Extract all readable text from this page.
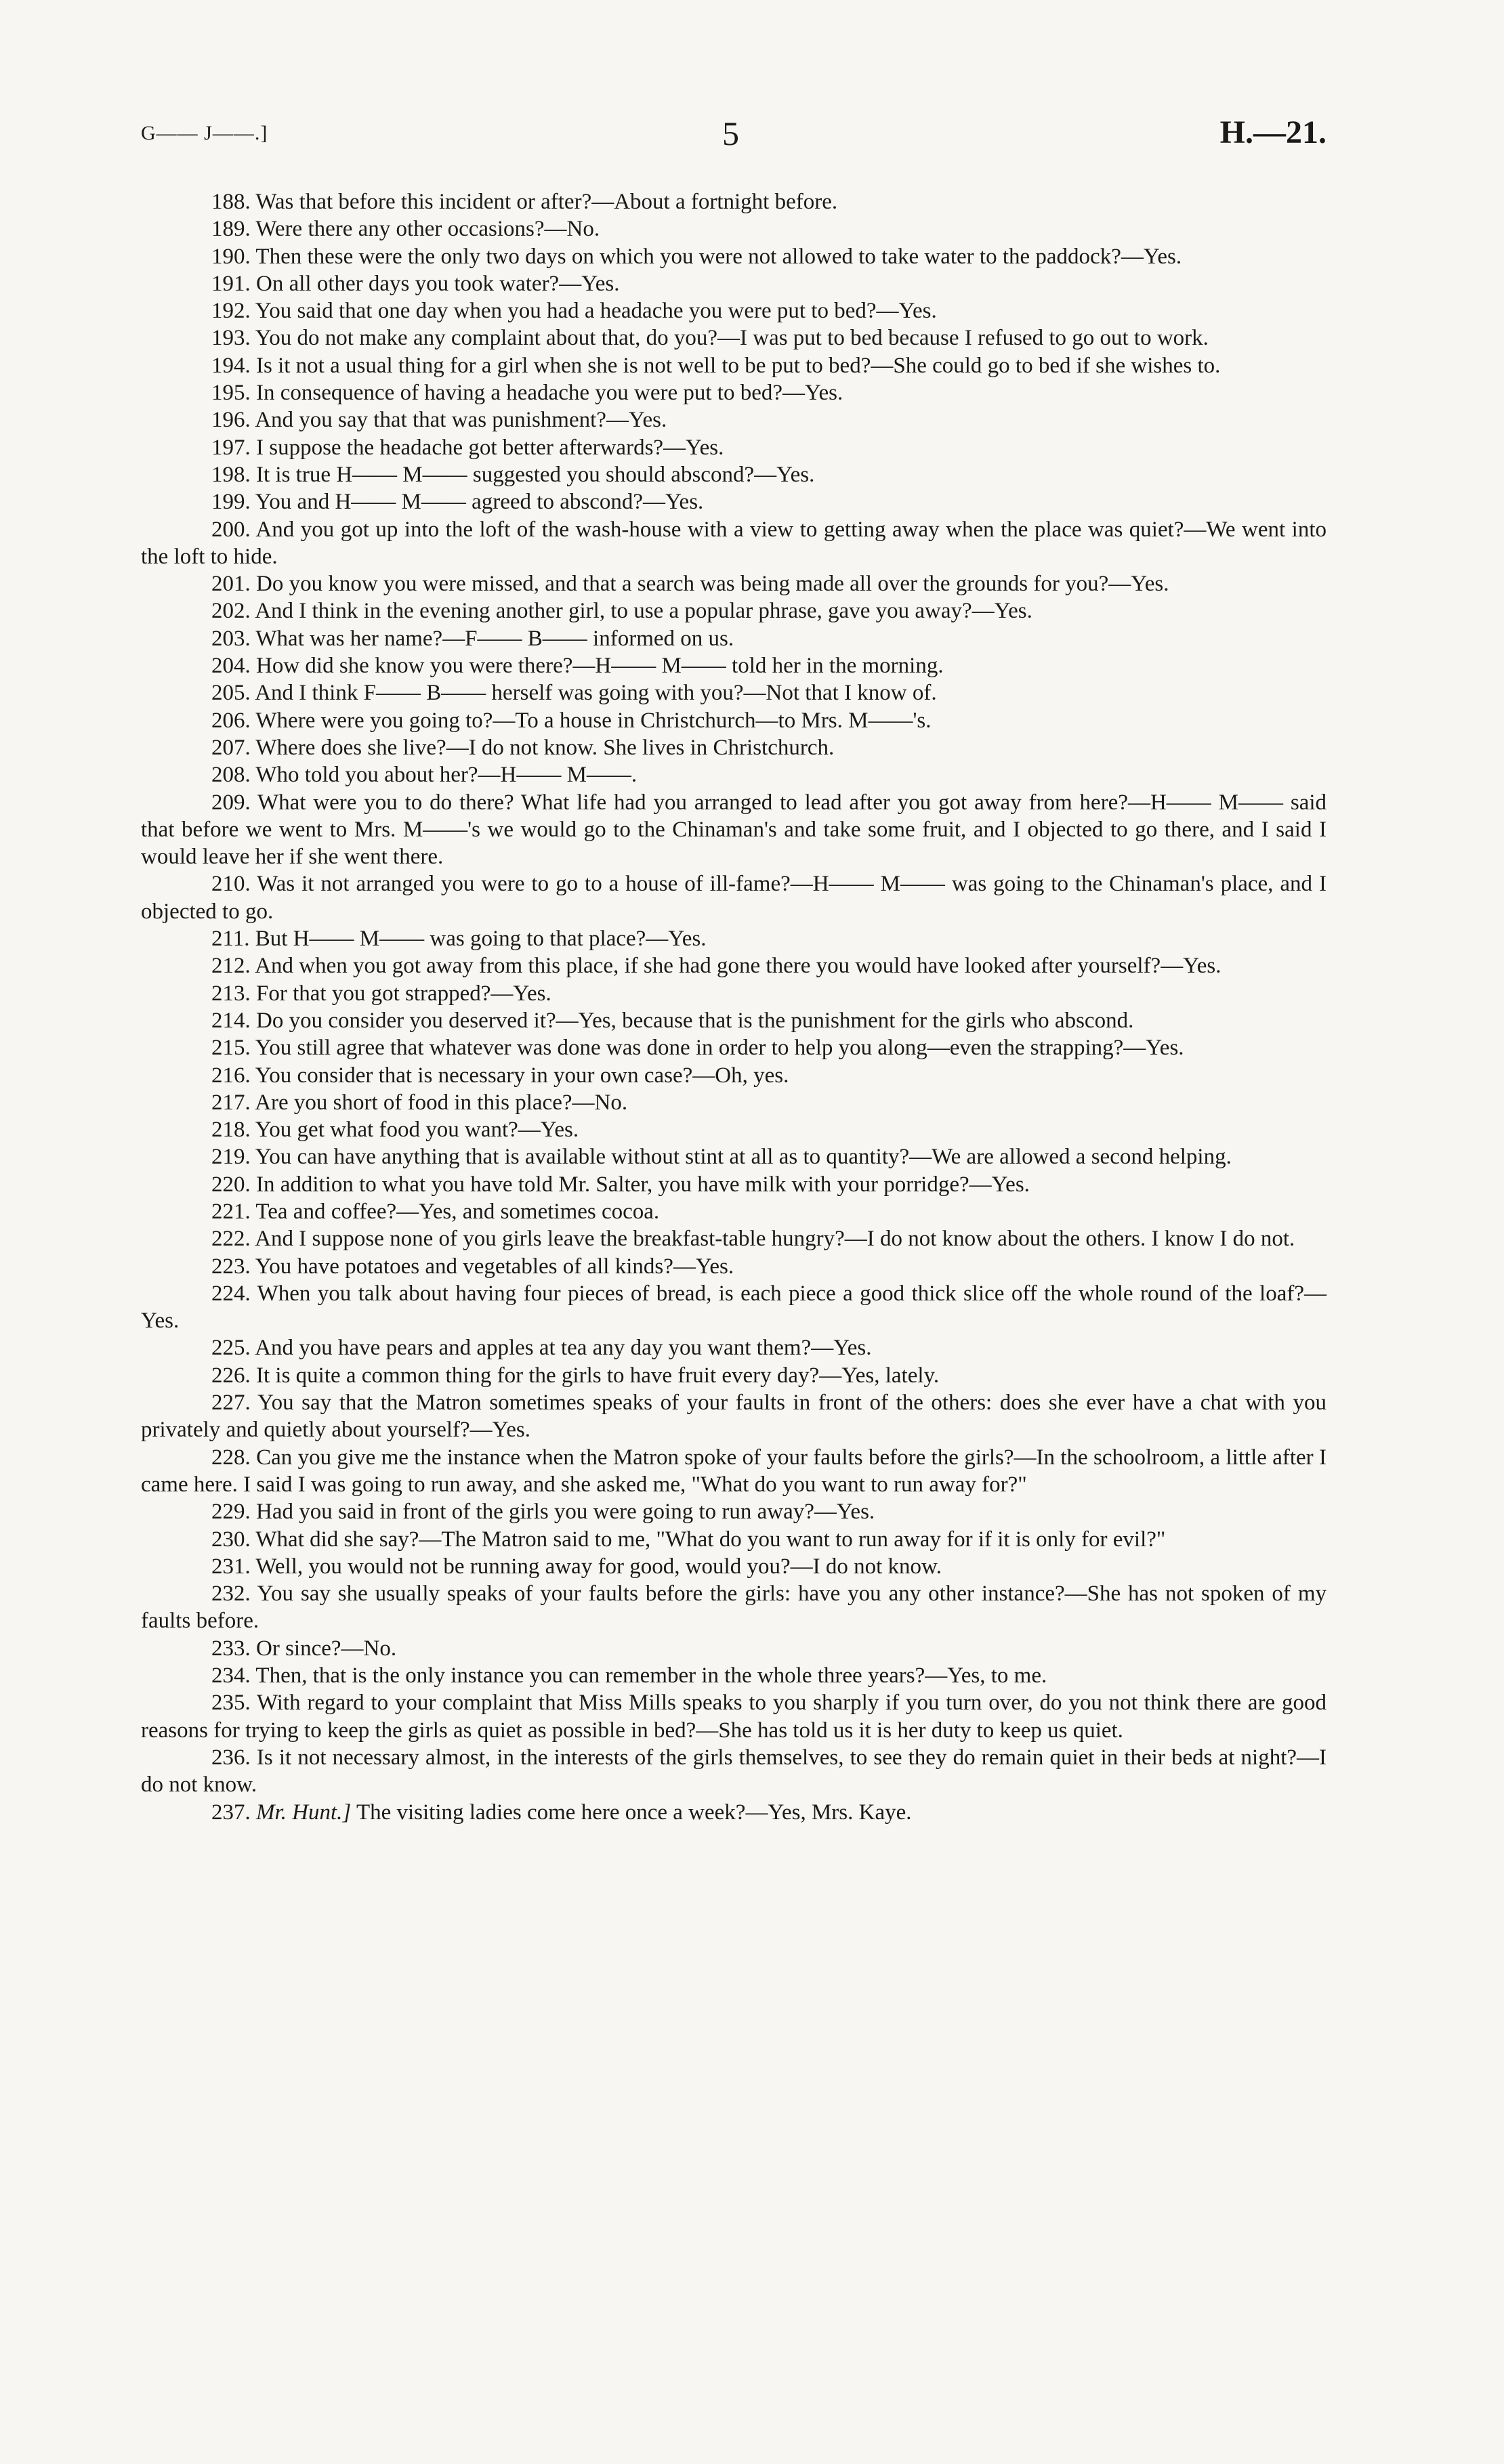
G—— J——.]	5	H.—21.

188. Was that before this incident or after?—About a fortnight before.

189. Were there any other occasions?—No.

190. Then these were the only two days on which you were not allowed to take water to the paddock?—Yes.

191. On all other days you took water?—Yes.

192. You said that one day when you had a headache you were put to bed?—Yes.

193. You do not make any complaint about that, do you?—I was put to bed because I refused to go out to work.

194. Is it not a usual thing for a girl when she is not well to be put to bed?—She could go to bed if she wishes to.

195. In consequence of having a headache you were put to bed?—Yes.

196. And you say that that was punishment?—Yes.

197. I suppose the headache got better afterwards?—Yes.

198. It is true H—— M—— suggested you should abscond?—Yes.

199. You and H—— M—— agreed to abscond?—Yes.

200. And you got up into the loft of the wash-house with a view to getting away when the place was quiet?—We went into the loft to hide.

201. Do you know you were missed, and that a search was being made all over the grounds for you?—Yes.

202. And I think in the evening another girl, to use a popular phrase, gave you away?—Yes.

203. What was her name?—F—— B—— informed on us.

204. How did she know you were there?—H—— M—— told her in the morning.

205. And I think F—— B—— herself was going with you?—Not that I know of.

206. Where were you going to?—To a house in Christchurch—to Mrs. M——'s.

207. Where does she live?—I do not know. She lives in Christchurch.

208. Who told you about her?—H—— M——.

209. What were you to do there? What life had you arranged to lead after you got away from here?—H—— M—— said that before we went to Mrs. M——'s we would go to the Chinaman's and take some fruit, and I objected to go there, and I said I would leave her if she went there.

210. Was it not arranged you were to go to a house of ill-fame?—H—— M—— was going to the Chinaman's place, and I objected to go.

211. But H—— M—— was going to that place?—Yes.

212. And when you got away from this place, if she had gone there you would have looked after yourself?—Yes.

213. For that you got strapped?—Yes.

214. Do you consider you deserved it?—Yes, because that is the punishment for the girls who abscond.

215. You still agree that whatever was done was done in order to help you along—even the strapping?—Yes.

216. You consider that is necessary in your own case?—Oh, yes.

217. Are you short of food in this place?—No.

218. You get what food you want?—Yes.

219. You can have anything that is available without stint at all as to quantity?—We are allowed a second helping.

220. In addition to what you have told Mr. Salter, you have milk with your porridge?—Yes.

221. Tea and coffee?—Yes, and sometimes cocoa.

222. And I suppose none of you girls leave the breakfast-table hungry?—I do not know about the others. I know I do not.

223. You have potatoes and vegetables of all kinds?—Yes.

224. When you talk about having four pieces of bread, is each piece a good thick slice off the whole round of the loaf?—Yes.

225. And you have pears and apples at tea any day you want them?—Yes.

226. It is quite a common thing for the girls to have fruit every day?—Yes, lately.

227. You say that the Matron sometimes speaks of your faults in front of the others: does she ever have a chat with you privately and quietly about yourself?—Yes.

228. Can you give me the instance when the Matron spoke of your faults before the girls?—In the schoolroom, a little after I came here. I said I was going to run away, and she asked me, "What do you want to run away for?"

229. Had you said in front of the girls you were going to run away?—Yes.

230. What did she say?—The Matron said to me, "What do you want to run away for if it is only for evil?"

231. Well, you would not be running away for good, would you?—I do not know.

232. You say she usually speaks of your faults before the girls: have you any other instance?—She has not spoken of my faults before.

233. Or since?—No.

234. Then, that is the only instance you can remember in the whole three years?—Yes, to me.

235. With regard to your complaint that Miss Mills speaks to you sharply if you turn over, do you not think there are good reasons for trying to keep the girls as quiet as possible in bed?—She has told us it is her duty to keep us quiet.

236. Is it not necessary almost, in the interests of the girls themselves, to see they do remain quiet in their beds at night?—I do not know.

237. Mr. Hunt.] The visiting ladies come here once a week?—Yes, Mrs. Kaye.
